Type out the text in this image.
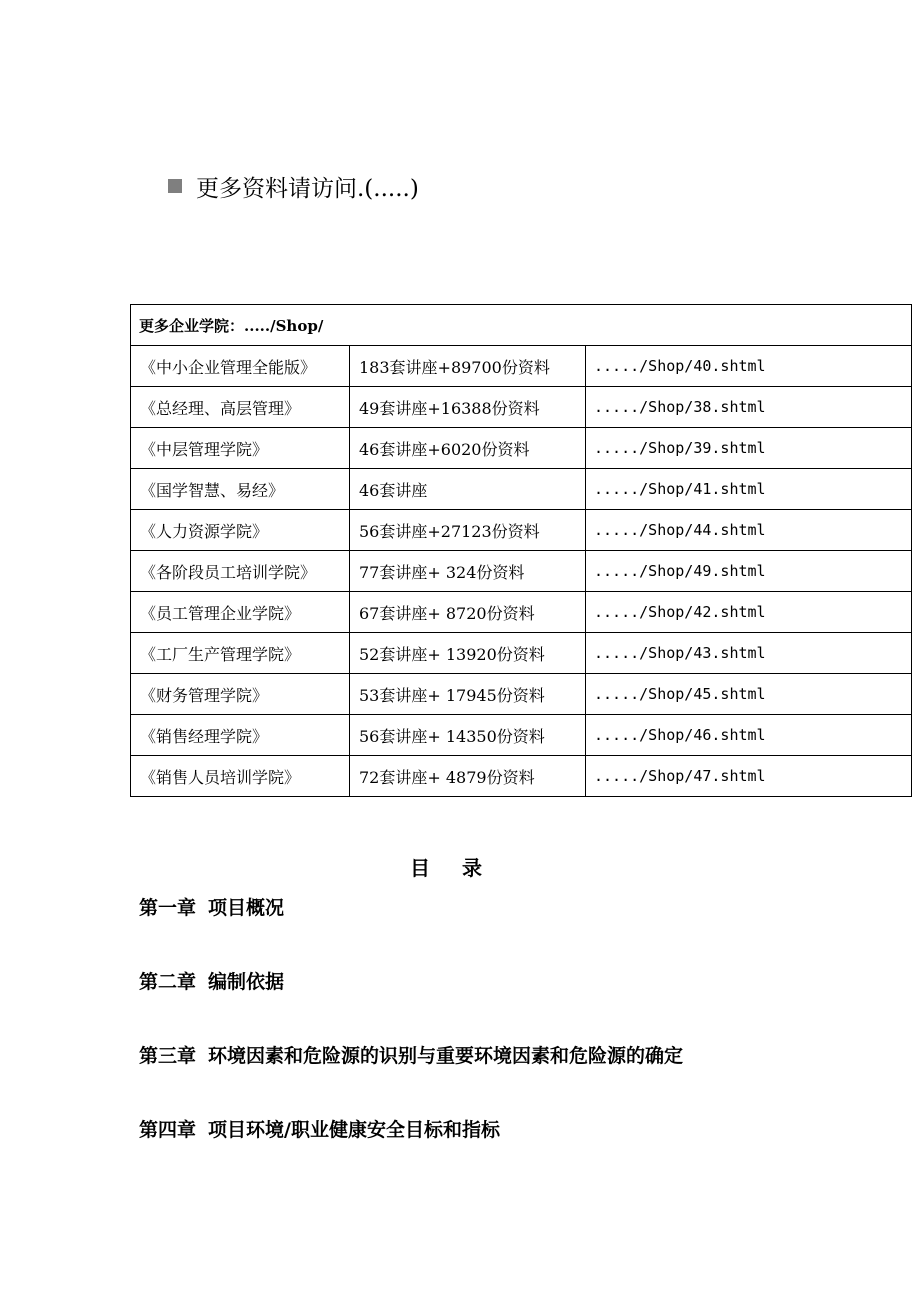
更多资料请访问.(.....)
更多企业学院：...../Shop/		
《中小企业管理全能版》	183套讲座+89700份资料	...../Shop/40.shtml
《总经理、高层管理》	49套讲座+16388份资料	...../Shop/38.shtml
《中层管理学院》	46套讲座+6020份资料	...../Shop/39.shtml
《国学智慧、易经》	46套讲座	...../Shop/41.shtml
《人力资源学院》	56套讲座+27123份资料	...../Shop/44.shtml
《各阶段员工培训学院》	77套讲座+ 324份资料	...../Shop/49.shtml
《员工管理企业学院》	67套讲座+ 8720份资料	...../Shop/42.shtml
《工厂生产管理学院》	52套讲座+ 13920份资料	...../Shop/43.shtml
《财务管理学院》	53套讲座+ 17945份资料	...../Shop/45.shtml
《销售经理学院》	56套讲座+ 14350份资料	...../Shop/46.shtml
《销售人员培训学院》	72套讲座+ 4879份资料	...../Shop/47.shtml
目录
第一章 项目概况
第二章 编制依据
第三章 环境因素和危险源的识别与重要环境因素和危险源的确定
第四章 项目环境/职业健康安全目标和指标
